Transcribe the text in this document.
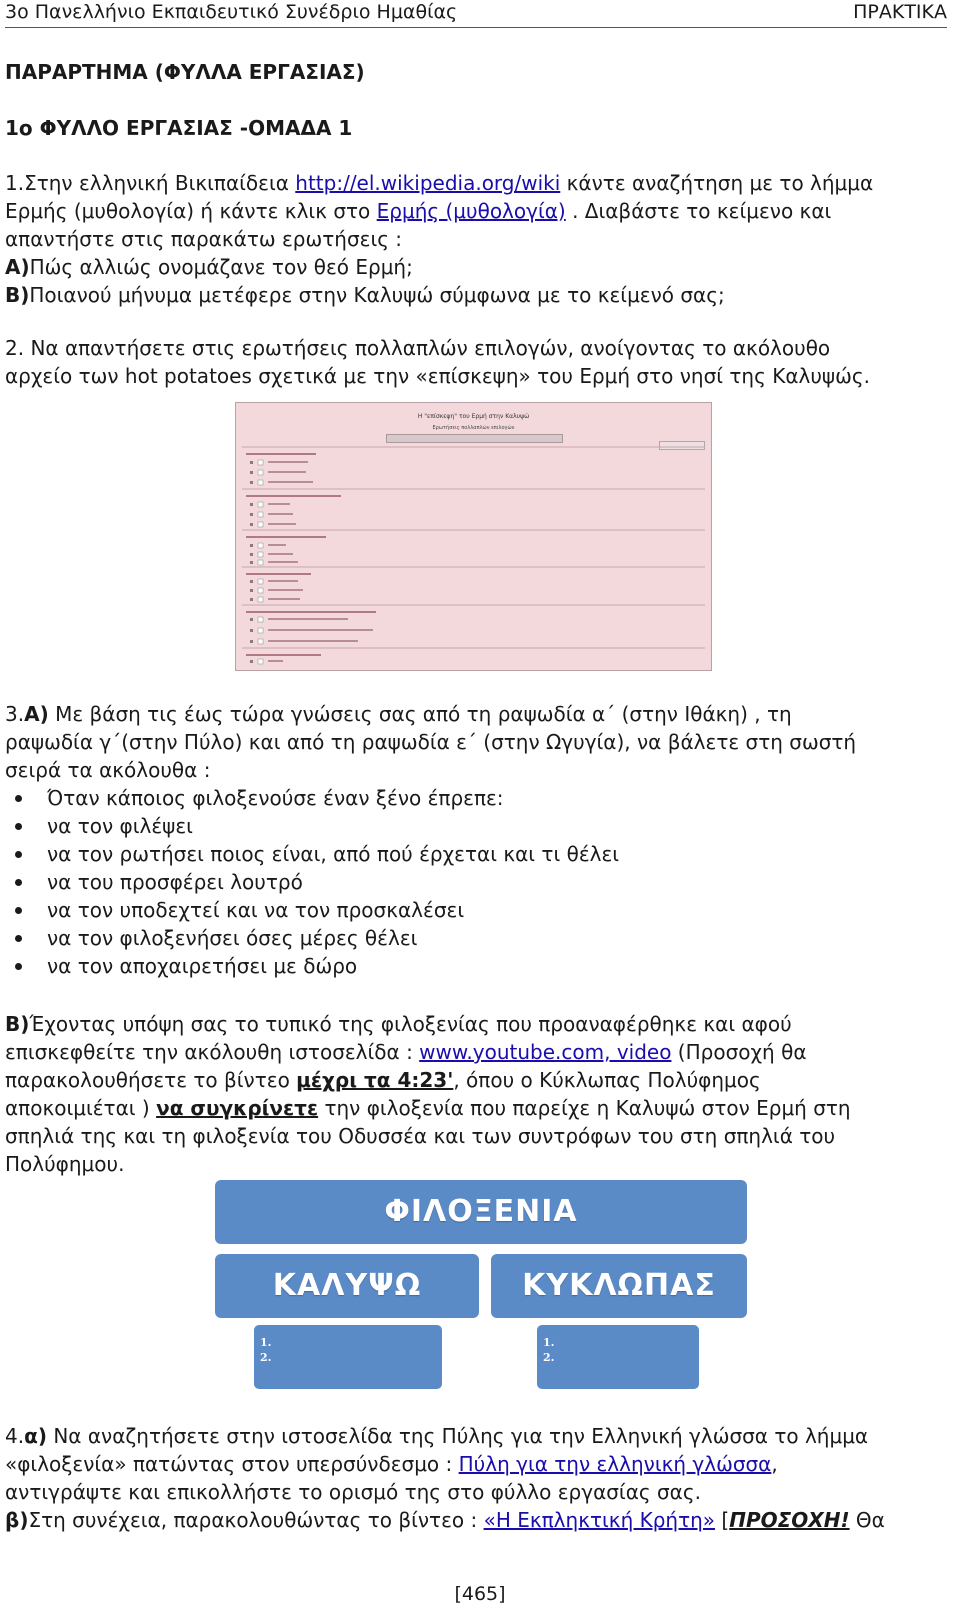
3ο Πανελλήνιο Εκπαιδευτικό Συνέδριο Ημαθίας	ΠΡΑΚΤΙΚΑ
ΠΑΡΑΡΤΗΜΑ (ΦΥΛΛΑ ΕΡΓΑΣΙΑΣ)
1ο ΦΥΛΛΟ ΕΡΓΑΣΙΑΣ -ΟΜΑΔΑ 1
1.Στην ελληνική Βικιπαίδεια http://el.wikipedia.org/wiki κάντε αναζήτηση με το λήμμα
Ερμής (μυθολογία) ή κάντε κλικ στο Ερμής (μυθολογία) . Διαβάστε το κείμενο και
απαντήστε στις παρακάτω ερωτήσεις :
Α)Πώς αλλιώς ονομάζανε τον θεό Ερμή;
Β)Ποιανού μήνυμα μετέφερε στην Καλυψώ σύμφωνα με το κείμενό σας;
2. Να απαντήσετε στις ερωτήσεις πολλαπλών επιλογών, ανοίγοντας το ακόλουθο
αρχείο των hot potatoes σχετικά με την «επίσκεψη» του Ερμή στο νησί της Καλυψώς.
Η "επίσκεψη" του Ερμή στην Καλυψώ
Ερωτήσεις πολλαπλών επιλογών
3.Α) Με βάση τις έως τώρα γνώσεις σας από τη ραψωδία α΄ (στην Ιθάκη) , τη
ραψωδία γ΄(στην Πύλο) και από τη ραψωδία ε΄ (στην Ωγυγία), να βάλετε στη σωστή
σειρά τα ακόλουθα :
Όταν κάποιος φιλοξενούσε έναν ξένο έπρεπε:
να τον φιλέψει
να τον ρωτήσει ποιος είναι, από πού έρχεται και τι θέλει
να του προσφέρει λουτρό
να τον υποδεχτεί και να τον προσκαλέσει
να τον φιλοξενήσει όσες μέρες θέλει
να τον αποχαιρετήσει με δώρο
Β)Έχοντας υπόψη σας το τυπικό της φιλοξενίας που προαναφέρθηκε και αφού
επισκεφθείτε την ακόλουθη ιστοσελίδα : www.youtube.com, video (Προσοχή θα
παρακολουθήσετε το βίντεο μέχρι τα 4:23', όπου ο Κύκλωπας Πολύφημος
αποκοιμιέται ) να συγκρίνετε την φιλοξενία που παρείχε η Καλυψώ στον Ερμή στη
σπηλιά της και τη φιλοξενία του Οδυσσέα και των συντρόφων του στη σπηλιά του
Πολύφημου.
ΦΙΛΟΞΕΝΙΑ
ΚΑΛΥΨΩ	ΚΥΚΛΩΠΑΣ
1.
2.
1.
2.
4.α) Να αναζητήσετε στην ιστοσελίδα της Πύλης για την Ελληνική γλώσσα το λήμμα
«φιλοξενία» πατώντας στον υπερσύνδεσμο : Πύλη για την ελληνική γλώσσα,
αντιγράψτε και επικολλήστε το ορισμό της στο φύλλο εργασίας σας.
β)Στη συνέχεια, παρακολουθώντας το βίντεο : «Η Εκπληκτική Κρήτη» [ΠΡΟΣΟΧΗ! Θα
[465]
